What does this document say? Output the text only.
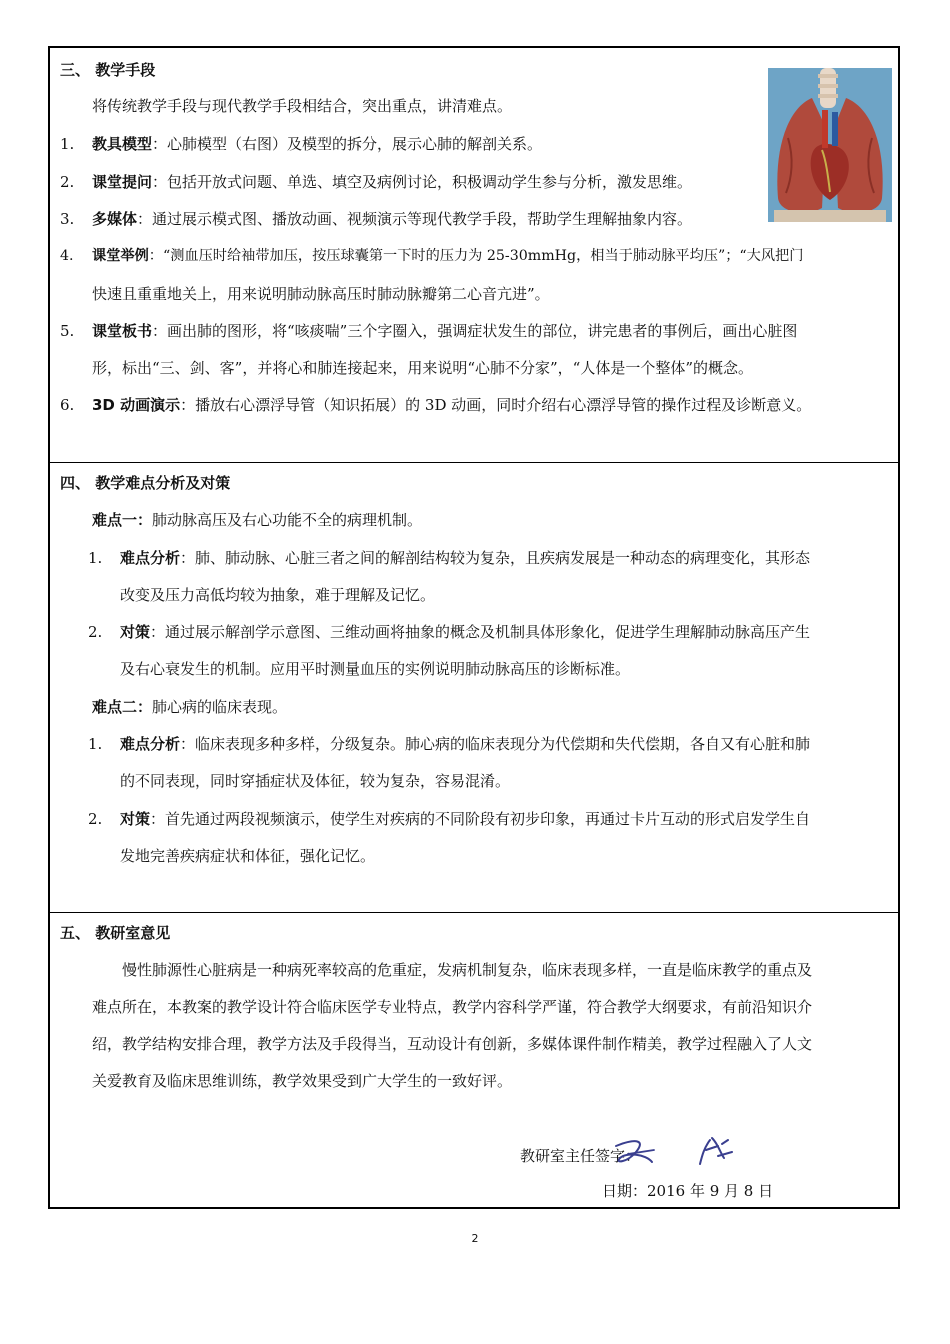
三、 教学手段
将传统教学手段与现代教学手段相结合，突出重点，讲清难点。
1. 教具模型：心肺模型（右图）及模型的拆分，展示心肺的解剖关系。
2. 课堂提问：包括开放式问题、单选、填空及病例讨论，积极调动学生参与分析，激发思维。
3. 多媒体：通过展示模式图、播放动画、视频演示等现代教学手段，帮助学生理解抽象内容。
4. 课堂举例：“测血压时给袖带加压，按压球囊第一下时的压力为 25-30mmHg，相当于肺动脉平均压”；“大风把门
快速且重重地关上，用来说明肺动脉高压时肺动脉瓣第二心音亢进”。
5. 课堂板书：画出肺的图形，将“咳痰喘”三个字圈入，强调症状发生的部位，讲完患者的事例后，画出心脏图
形，标出“三、剑、客”，并将心和肺连接起来，用来说明“心肺不分家”，“人体是一个整体”的概念。
6. 3D 动画演示：播放右心漂浮导管（知识拓展）的 3D 动画，同时介绍右心漂浮导管的操作过程及诊断意义。
四、 教学难点分析及对策
难点一：肺动脉高压及右心功能不全的病理机制。
1. 难点分析：肺、肺动脉、心脏三者之间的解剖结构较为复杂，且疾病发展是一种动态的病理变化，其形态
改变及压力高低均较为抽象，难于理解及记忆。
2. 对策：通过展示解剖学示意图、三维动画将抽象的概念及机制具体形象化，促进学生理解肺动脉高压产生
及右心衰发生的机制。应用平时测量血压的实例说明肺动脉高压的诊断标准。
难点二：肺心病的临床表现。
1. 难点分析：临床表现多种多样，分级复杂。肺心病的临床表现分为代偿期和失代偿期，各自又有心脏和肺
的不同表现，同时穿插症状及体征，较为复杂，容易混淆。
2. 对策：首先通过两段视频演示，使学生对疾病的不同阶段有初步印象，再通过卡片互动的形式启发学生自
发地完善疾病症状和体征，强化记忆。
五、 教研室意见
慢性肺源性心脏病是一种病死率较高的危重症，发病机制复杂，临床表现多样，一直是临床教学的重点及
难点所在，本教案的教学设计符合临床医学专业特点，教学内容科学严谨，符合教学大纲要求，有前沿知识介
绍，教学结构安排合理，教学方法及手段得当，互动设计有创新，多媒体课件制作精美，教学过程融入了人文
关爱教育及临床思维训练，教学效果受到广大学生的一致好评。
教研室主任签字：
日期：2016 年 9 月 8 日
2
